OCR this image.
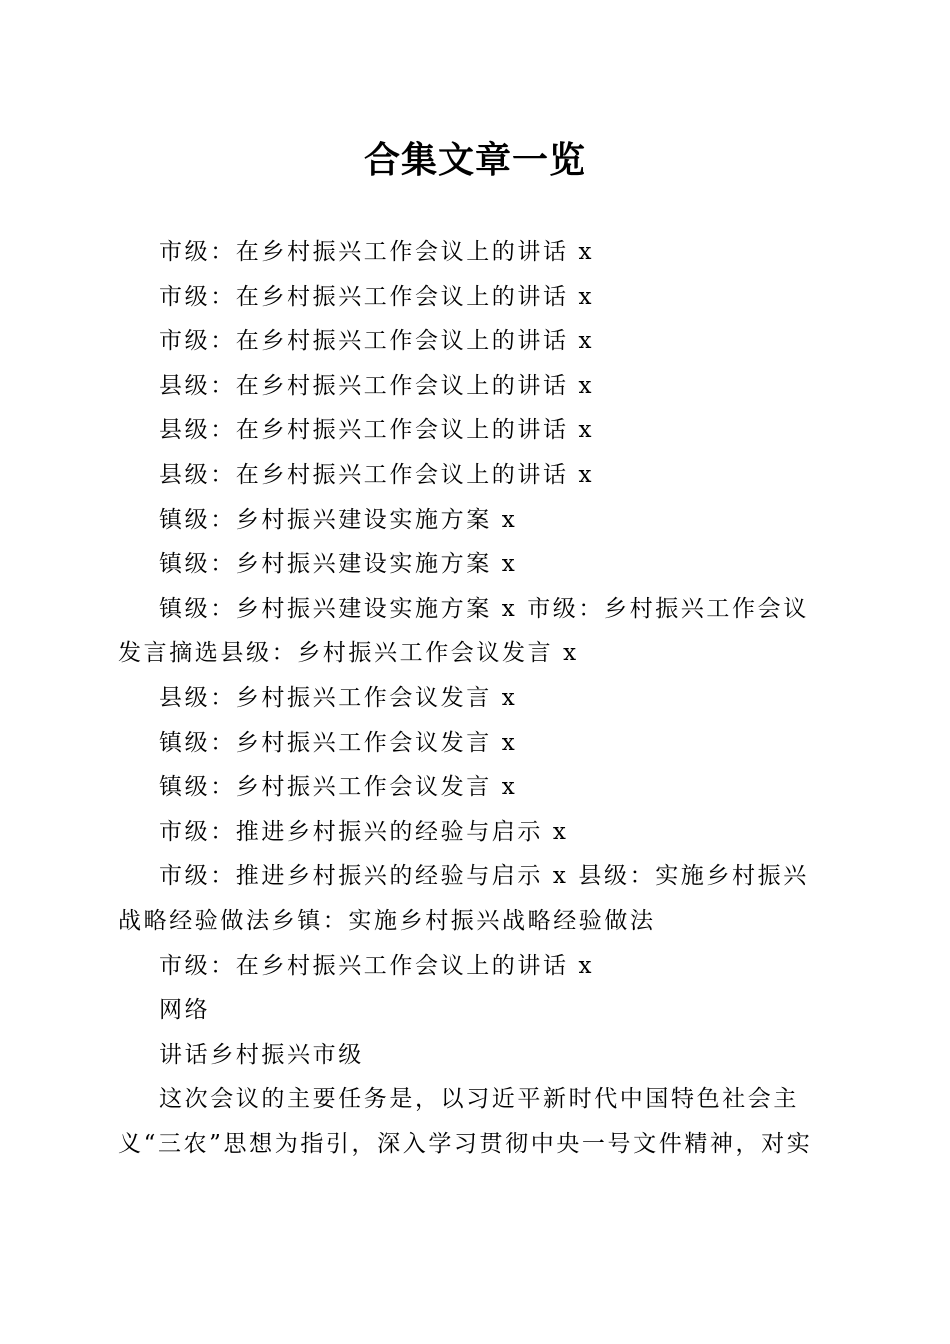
合集文章一览

市级：在乡村振兴工作会议上的讲话 x

市级：在乡村振兴工作会议上的讲话 x

市级：在乡村振兴工作会议上的讲话 x

县级：在乡村振兴工作会议上的讲话 x

县级：在乡村振兴工作会议上的讲话 x

县级：在乡村振兴工作会议上的讲话 x

镇级：乡村振兴建设实施方案 x

镇级：乡村振兴建设实施方案 x

镇级：乡村振兴建设实施方案 x 市级：乡村振兴工作会议发言摘选县级：乡村振兴工作会议发言 x

县级：乡村振兴工作会议发言 x

镇级：乡村振兴工作会议发言 x

镇级：乡村振兴工作会议发言 x

市级：推进乡村振兴的经验与启示 x

市级：推进乡村振兴的经验与启示 x 县级：实施乡村振兴战略经验做法乡镇：实施乡村振兴战略经验做法

市级：在乡村振兴工作会议上的讲话 x

网络

讲话乡村振兴市级

这次会议的主要任务是，以习近平新时代中国特色社会主义“三农”思想为指引，深入学习贯彻中央一号文件精神，对实
